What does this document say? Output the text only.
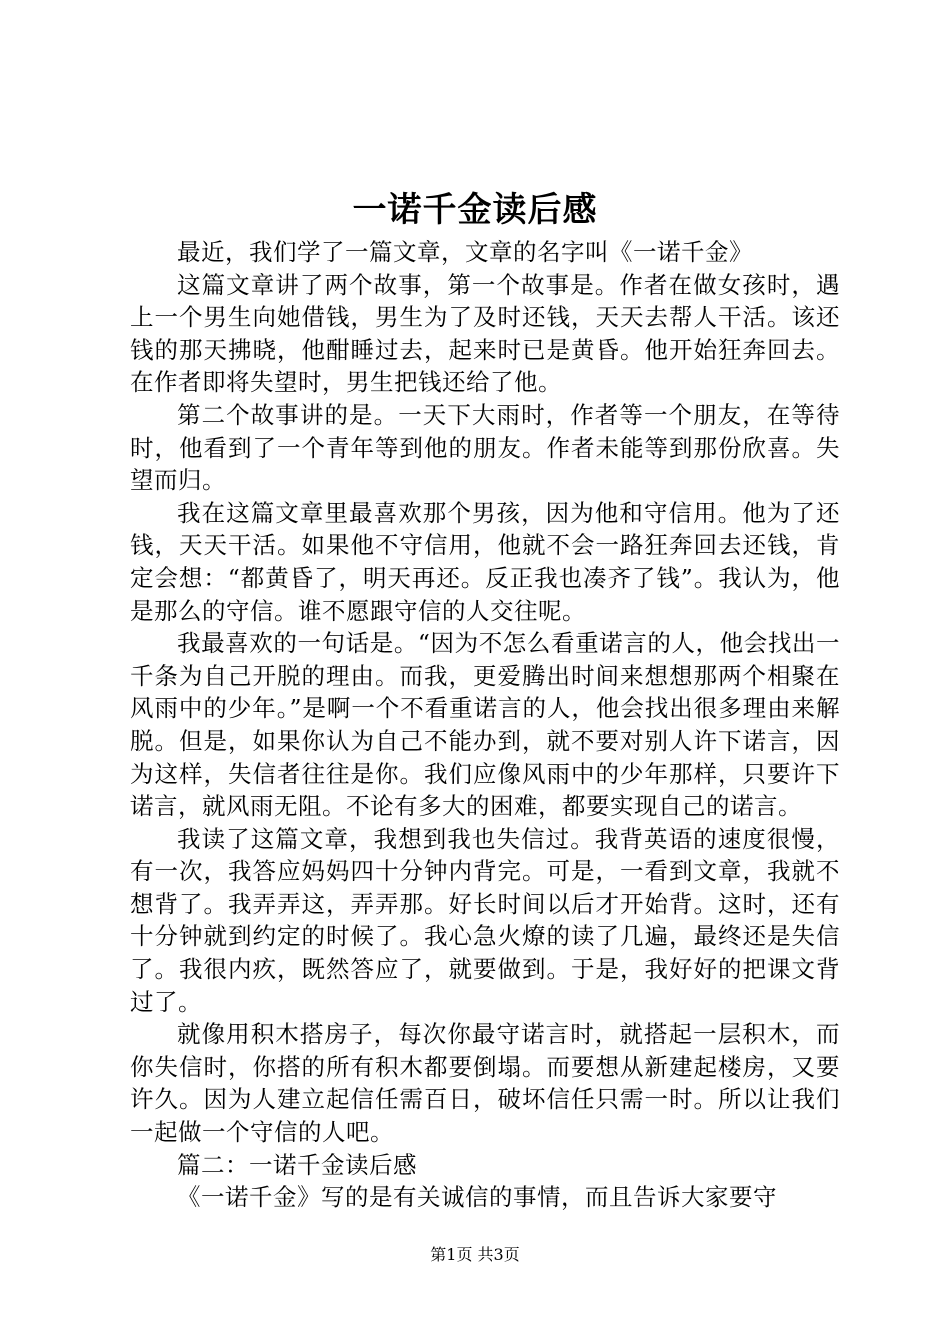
一诺千金读后感

最近，我们学了一篇文章，文章的名字叫《一诺千金》

这篇文章讲了两个故事，第一个故事是。作者在做女孩时，遇上一个男生向她借钱，男生为了及时还钱，天天去帮人干活。该还钱的那天拂晓，他酣睡过去，起来时已是黄昏。他开始狂奔回去。在作者即将失望时，男生把钱还给了他。

第二个故事讲的是。一天下大雨时，作者等一个朋友，在等待时，他看到了一个青年等到他的朋友。作者未能等到那份欣喜。失望而归。

我在这篇文章里最喜欢那个男孩，因为他和守信用。他为了还钱，天天干活。如果他不守信用，他就不会一路狂奔回去还钱，肯定会想：“都黄昏了，明天再还。反正我也凑齐了钱”。我认为，他是那么的守信。谁不愿跟守信的人交往呢。

我最喜欢的一句话是。“因为不怎么看重诺言的人，他会找出一千条为自己开脱的理由。而我，更爱腾出时间来想想那两个相聚在风雨中的少年。”是啊一个不看重诺言的人，他会找出很多理由来解脱。但是，如果你认为自己不能办到，就不要对别人许下诺言，因为这样，失信者往往是你。我们应像风雨中的少年那样，只要许下诺言，就风雨无阻。不论有多大的困难，都要实现自己的诺言。

我读了这篇文章，我想到我也失信过。我背英语的速度很慢，有一次，我答应妈妈四十分钟内背完。可是，一看到文章，我就不想背了。我弄弄这，弄弄那。好长时间以后才开始背。这时，还有十分钟就到约定的时候了。我心急火燎的读了几遍，最终还是失信了。我很内疚，既然答应了，就要做到。于是，我好好的把课文背过了。

就像用积木搭房子，每次你最守诺言时，就搭起一层积木，而你失信时，你搭的所有积木都要倒塌。而要想从新建起楼房，又要许久。因为人建立起信任需百日，破坏信任只需一时。所以让我们一起做一个守信的人吧。

篇二：一诺千金读后感

《一诺千金》写的是有关诚信的事情，而且告诉大家要守

第1页 共3页
